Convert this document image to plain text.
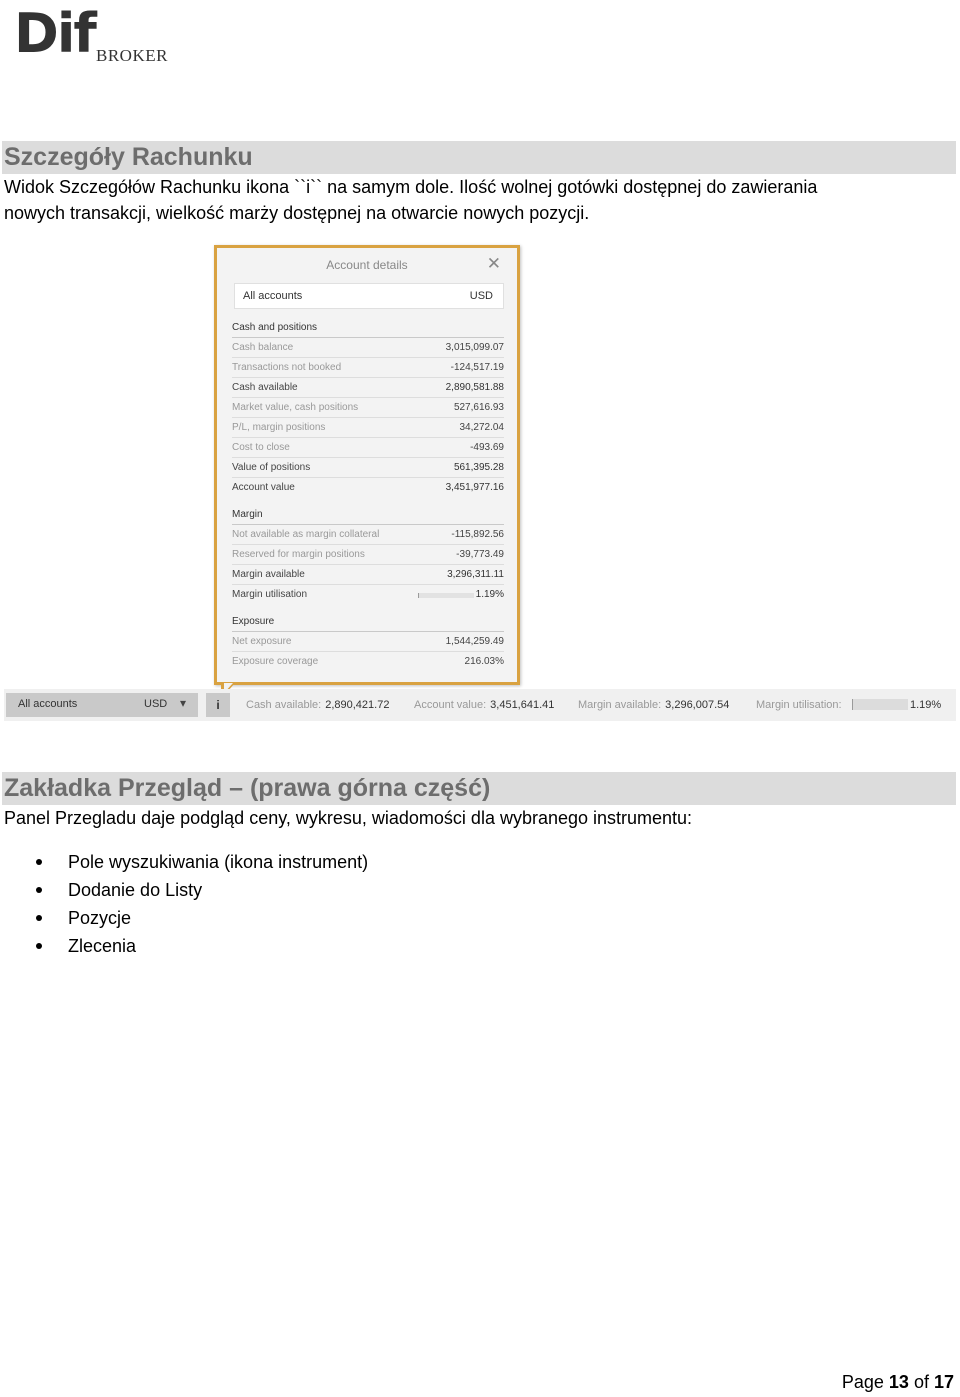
Dif BROKER
Szczegóły Rachunku
Widok Szczegółów Rachunku ikona ``i`` na samym dole. Ilość wolnej gotówki dostępnej do zawierania
nowych transakcji, wielkość marży dostępnej na otwarcie nowych pozycji.
Account details	✕
All accounts	USD
Cash and positions
Cash balance	3,015,099.07
Transactions not booked	-124,517.19
Cash available	2,890,581.88
Market value, cash positions	527,616.93
P/L, margin positions	34,272.04
Cost to close	-493.69
Value of positions	561,395.28
Account value	3,451,977.16
Margin
Not available as margin collateral	-115,892.56
Reserved for margin positions	-39,773.49
Margin available	3,296,311.11
Margin utilisation	1.19%
Exposure
Net exposure	1,544,259.49
Exposure coverage	216.03%
All accounts	USD ▾	i	Cash available: 2,890,421.72 Account value: 3,451,641.41 Margin available: 3,296,007.54 Margin utilisation:	1.19%
Zakładka Przegląd – (prawa górna część)
Panel Przegladu daje podgląd ceny, wykresu, wiadomości dla wybranego instrumentu:
Pole wyszukiwania (ikona instrument)
Dodanie do Listy
Pozycje
Zlecenia
Page 13 of 17
